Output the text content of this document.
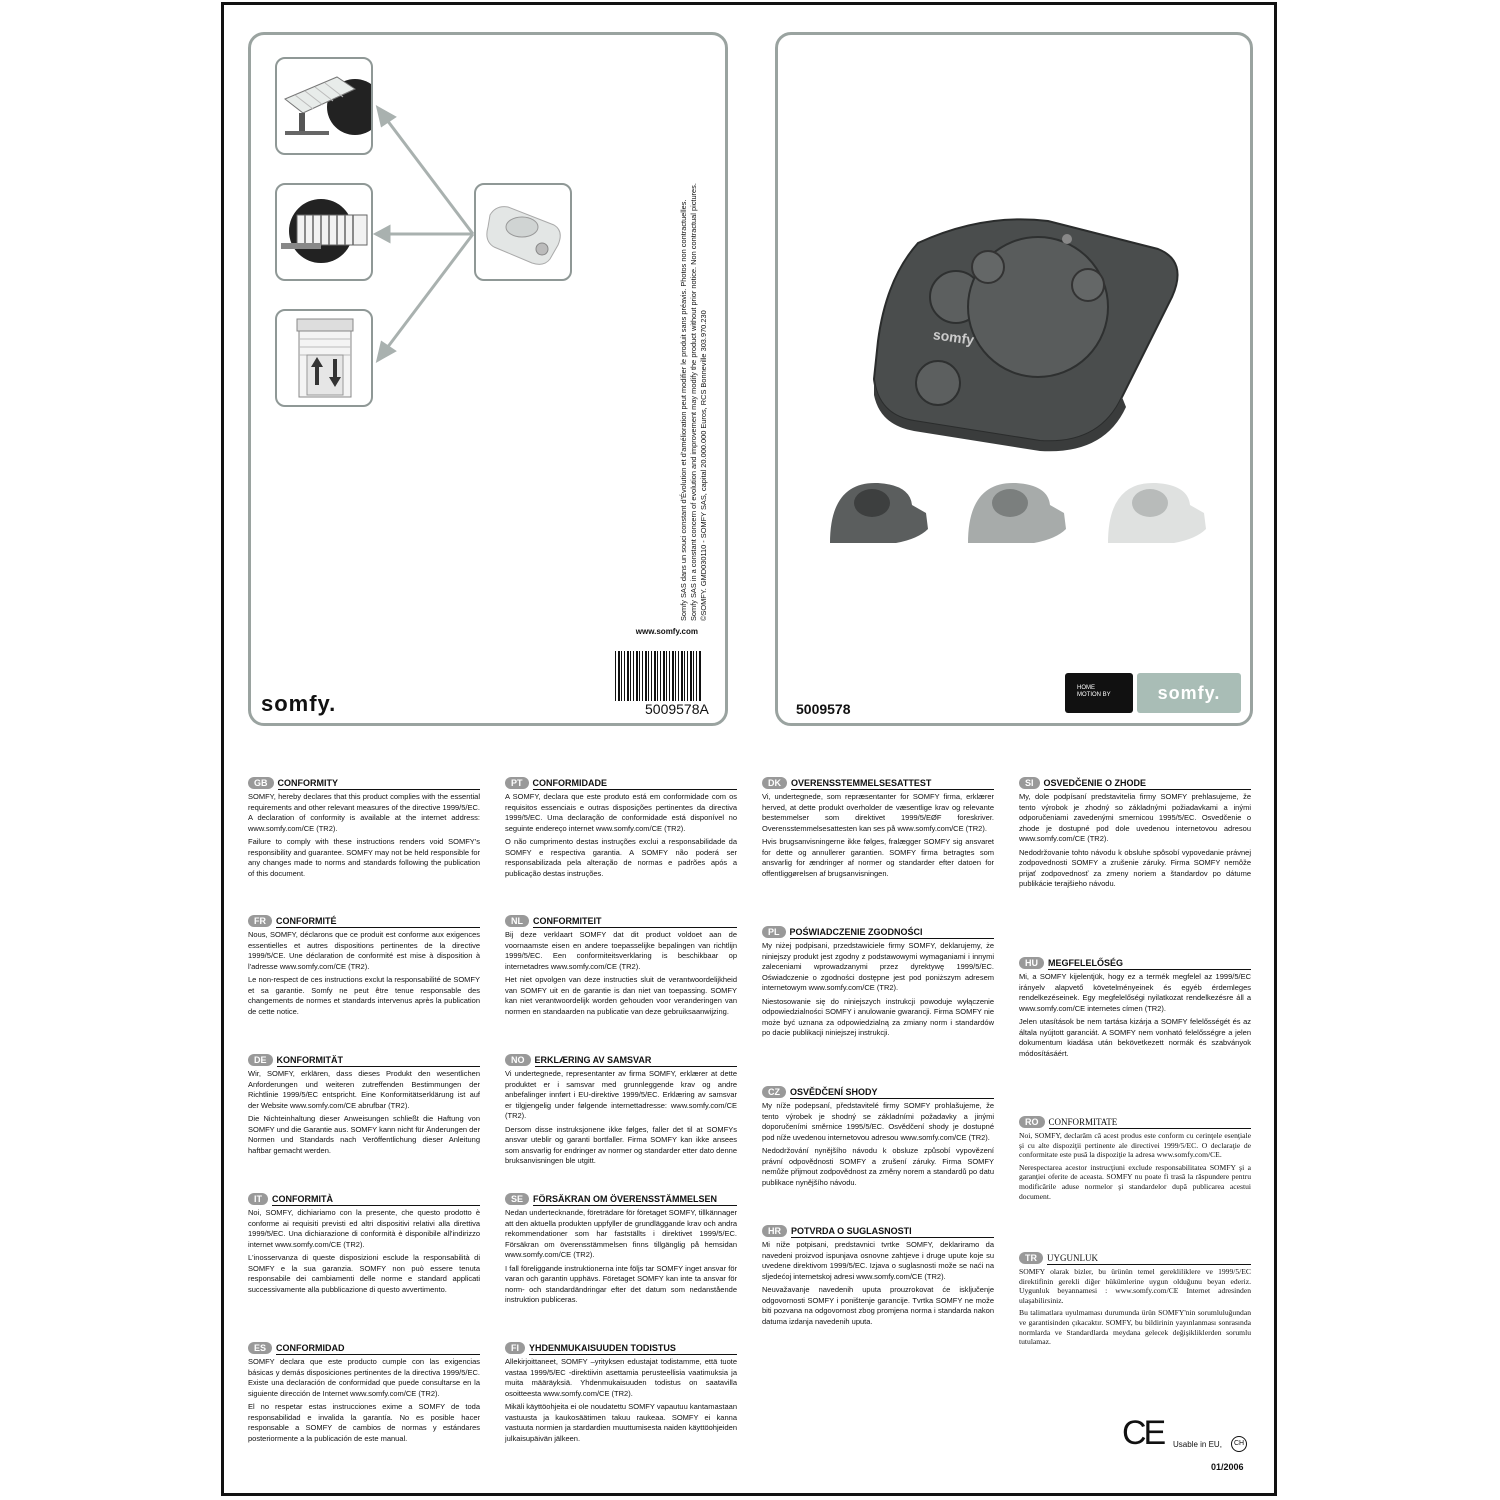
Somfy SAS dans un souci constant d'Évolution et d'amélioration peut modifier le produit sans préavis. Photos non contractuelles. Somfy SAS in a constant concern of evolution and improvement may modify the product without prior notice. Non contractual pictures. ©SOMFY. GMD030110 - SOMFY SAS, capital 20.000.000 Euros, RCS Bonneville 303.970.230
www.somfy.com
5009578A
somfy.
somfy
HOME
MOTION BY	somfy.
5009578
GB	CONFORMITY

SOMFY, hereby declares that this product complies with the essential requirements and other relevant measures of the directive 1999/5/EC. A declaration of conformity is available at the internet address: www.somfy.com/CE (TR2).

Failure to comply with these instructions renders void SOMFY's responsibility and guarantee. SOMFY may not be held responsible for any changes made to norms and standards following the publication of this document.

FR	CONFORMITÉ

Nous, SOMFY, déclarons que ce produit est conforme aux exigences essentielles et autres dispositions pertinentes de la directive 1999/5/CE. Une déclaration de conformité est mise à disposition à l'adresse www.somfy.com/CE (TR2).

Le non-respect de ces instructions exclut la responsabilité de SOMFY et sa garantie. Somfy ne peut être tenue responsable des changements de normes et standards intervenus après la publication de cette notice.

DE	KONFORMITÄT

Wir, SOMFY, erklären, dass dieses Produkt den wesentlichen Anforderungen und weiteren zutreffenden Bestimmungen der Richtlinie 1999/5/EC entspricht. Eine Konformitätserklärung ist auf der Website www.somfy.com/CE abrufbar (TR2).

Die Nichteinhaltung dieser Anweisungen schließt die Haftung von SOMFY und die Garantie aus. SOMFY kann nicht für Änderungen der Normen und Standards nach Veröffentlichung dieser Anleitung haftbar gemacht werden.

IT	CONFORMITÀ

Noi, SOMFY, dichiariamo con la presente, che questo prodotto è conforme ai requisiti previsti ed altri dispositivi relativi alla direttiva 1999/5/EC. Una dichiarazione di conformità è disponibile all'indirizzo internet www.somfy.com/CE (TR2).

L'inosservanza di queste disposizioni esclude la responsabilità di SOMFY e la sua garanzia. SOMFY non può essere tenuta responsabile dei cambiamenti delle norme e standard applicati successivamente alla pubblicazione di questo avvertimento.

ES	CONFORMIDAD

SOMFY declara que este producto cumple con las exigencias básicas y demás disposiciones pertinentes de la directiva 1999/5/EC. Existe una declaración de conformidad que puede consultarse en la siguiente dirección de Internet www.somfy.com/CE (TR2).

El no respetar estas instrucciones exime a SOMFY de toda responsabilidad e invalida la garantía. No es posible hacer responsable a SOMFY de cambios de normas y estándares posteriormente a la publicación de este manual.

PT	CONFORMIDADE

A SOMFY, declara que este produto está em conformidade com os requisitos essenciais e outras disposições pertinentes da directiva 1999/5/EC. Uma declaração de conformidade está disponível no seguinte endereço internet www.somfy.com/CE (TR2).

O não cumprimento destas instruções exclui a responsabilidade da SOMFY e respectiva garantia. A SOMFY não poderá ser responsabilizada pela alteração de normas e padrões após a publicação destas instruções.

NL	CONFORMITEIT

Bij deze verklaart SOMFY dat dit product voldoet aan de voornaamste eisen en andere toepasselijke bepalingen van richtlijn 1999/5/EC. Een conformiteitsverklaring is beschikbaar op internetadres www.somfy.com/CE (TR2).

Het niet opvolgen van deze instructies sluit de verantwoordelijkheid van SOMFY uit en de garantie is dan niet van toepassing. SOMFY kan niet verantwoordelijk worden gehouden voor veranderingen van normen en standaarden na publicatie van deze gebruiksaanwijzing.

NO	ERKLÆRING AV SAMSVAR

Vi undertegnede, representanter av firma SOMFY, erklærer at dette produktet er i samsvar med grunnleggende krav og andre anbefalinger innført i EU-direktive 1999/5/EC. Erklæring av samsvar er tilgjengelig under følgende internettadresse: www.somfy.com/CE (TR2).

Dersom disse instruksjonene ikke følges, faller det til at SOMFYs ansvar uteblir og garanti bortfaller. Firma SOMFY kan ikke ansees som ansvarlig for endringer av normer og standarder etter dato denne bruksanvisningen ble utgitt.

SE	FÖRSÄKRAN OM ÖVERENSSTÄMMELSEN

Nedan undertecknande, företrädare för företaget SOMFY, tillkännager att den aktuella produkten uppfyller de grundläggande krav och andra rekommendationer som har fastställts i direktivet 1999/5/EC. Försäkran om överensstämmelsen finns tillgänglig på hemsidan www.somfy.com/CE (TR2).

I fall föreliggande instruktionerna inte följs tar SOMFY inget ansvar för varan och garantin upphävs. Företaget SOMFY kan inte ta ansvar för norm- och standardändringar efter det datum som nedanstående instruktion publiceras.

FI	YHDENMUKAISUUDEN TODISTUS

Allekirjoittaneet, SOMFY –yrityksen edustajat todistamme, että tuote vastaa 1999/5/EC -direktiivin asettamia perusteellisia vaatimuksia ja muita määräyksiä. Yhdenmukaisuuden todistus on saatavilla osoitteesta www.somfy.com/CE (TR2).

Mikäli käyttöohjeita ei ole noudatettu SOMFY vapautuu kantamastaan vastuusta ja kaukosäätimen takuu raukeaa. SOMFY ei kanna vastuuta normien ja stardardien muuttumisesta naiden käyttöohjeiden julkaisupäivän jälkeen.

DK	OVERENSSTEMMELSESATTEST

Vi, undertegnede, som repræsentanter for SOMFY firma, erklærer herved, at dette produkt overholder de væsentlige krav og relevante bestemmelser som direktivet 1999/5/EØF foreskriver. Overensstemmelsesattesten kan ses på www.somfy.com/CE (TR2).

Hvis brugsanvisningerne ikke følges, fralægger SOMFY sig ansvaret for dette og annullerer garantien. SOMFY firma betragtes som ansvarlig for ændringer af normer og standarder efter datoen for offentliggørelsen af brugsanvisningen.

PL	POŚWIADCZENIE ZGODNOŚCI

My niżej podpisani, przedstawiciele firmy SOMFY, deklarujemy, że niniejszy produkt jest zgodny z podstawowymi wymaganiami i innymi zaleceniami wprowadzanymi przez dyrektywę 1999/5/EC. Oświadczenie o zgodności dostępne jest pod poniższym adresem internetowym www.somfy.com/CE (TR2).

Niestosowanie się do niniejszych instrukcji powoduje wyłączenie odpowiedzialności SOMFY i anulowanie gwarancji. Firma SOMFY nie może być uznana za odpowiedzialną za zmiany norm i standardów po dacie publikacji niniejszej instrukcji.

CZ	OSVĚDČENÍ SHODY

My níže podepsaní, představitelé firmy SOMFY prohlašujeme, že tento výrobek je shodný se základními požadavky a jinými doporučeními směrnice 1995/5/EC. Osvědčení shody je dostupné pod níže uvedenou internetovou adresou www.somfy.com/CE (TR2).

Nedodržování nynějšího návodu k obsluze způsobí vypovězení právní odpovědnosti SOMFY a zrušení záruky. Firma SOMFY nemůže přijmout zodpovědnost za změny norem a standardů po datu publikace nynějšího návodu.

HR	POTVRDA O SUGLASNOSTI

Mi niže potpisani, predstavnici tvrtke SOMFY, deklariramo da navedeni proizvod ispunjava osnovne zahtjeve i druge upute koje su uvedene direktivom 1999/5/EC. Izjava o suglasnosti može se naći na sljedećoj internetskoj adresi www.somfy.com/CE (TR2).

Neuvažavanje navedenih uputa prouzrokovat će isključenje odgovornosti SOMFY i poništenje garancije. Tvrtka SOMFY ne može biti pozvana na odgovornost zbog promjena norma i standarda nakon datuma izdanja navedenih uputa.

SI	OSVEDČENIE O ZHODE

My, dole podpísaní predstavitelia firmy SOMFY prehlasujeme, že tento výrobok je zhodný so základnými požiadavkami a inými odporučeniami zavedenými smernicou 1995/5/EC. Osvedčenie o zhode je dostupné pod dole uvedenou internetovou adresou www.somfy.com/CE (TR2).

Nedodržovanie tohto návodu k obsluhe spôsobí vypovedanie právnej zodpovednosti SOMFY a zrušenie záruky. Firma SOMFY nemôže prijať zodpovednosť za zmeny noriem a štandardov po dátume publikácie terajšieho návodu.

HU	MEGFELELŐSÉG

Mi, a SOMFY kijelentjük, hogy ez a termék megfelel az 1999/5/EC irányelv alapvető követelményeinek és egyéb érdemleges rendelkezéseinek. Egy megfelelőségi nyilatkozat rendelkezésre áll a www.somfy.com/CE internetes címen (TR2).

Jelen utasítások be nem tartása kizárja a SOMFY felelősségét és az általa nyújtott garanciát. A SOMFY nem vonható felelősségre a jelen dokumentum kiadása után bekövetkezett normák és szabványok módosításáért.

RO	CONFORMITATE

Noi, SOMFY, declarăm că acest produs este conform cu cerinţele esenţiale şi cu alte dispoziţii pertinente ale directivei 1999/5/EC. O declaraţie de conformitate este pusă la dispoziţie la adresa www.somfy.com/CE.

Nerespectarea acestor instrucţiuni exclude responsabilitatea SOMFY şi a garanţiei oferite de aceasta. SOMFY nu poate fi trasă la răspundere pentru modificările aduse normelor şi standardelor după publicarea acestui document.

TR	UYGUNLUK

SOMFY olarak bizler, bu ürünün temel gerekliliklere ve 1999/5/EC direktifinin gerekli diğer hükümlerine uygun olduğunu beyan ederiz. Uygunluk beyannamesi : www.somfy.com/CE Internet adresinden ulaşabilirsiniz.

Bu talimatlara uyulmaması durumunda ürün SOMFY'nin sorumluluğundan ve garantisinden çıkacaktır. SOMFY, bu bildirinin yayınlanması sonrasında normlarda ve Standardlarda meydana gelecek değişikliklerden sorumlu tutulamaz.

CE Usable in EU,	CH
01/2006
